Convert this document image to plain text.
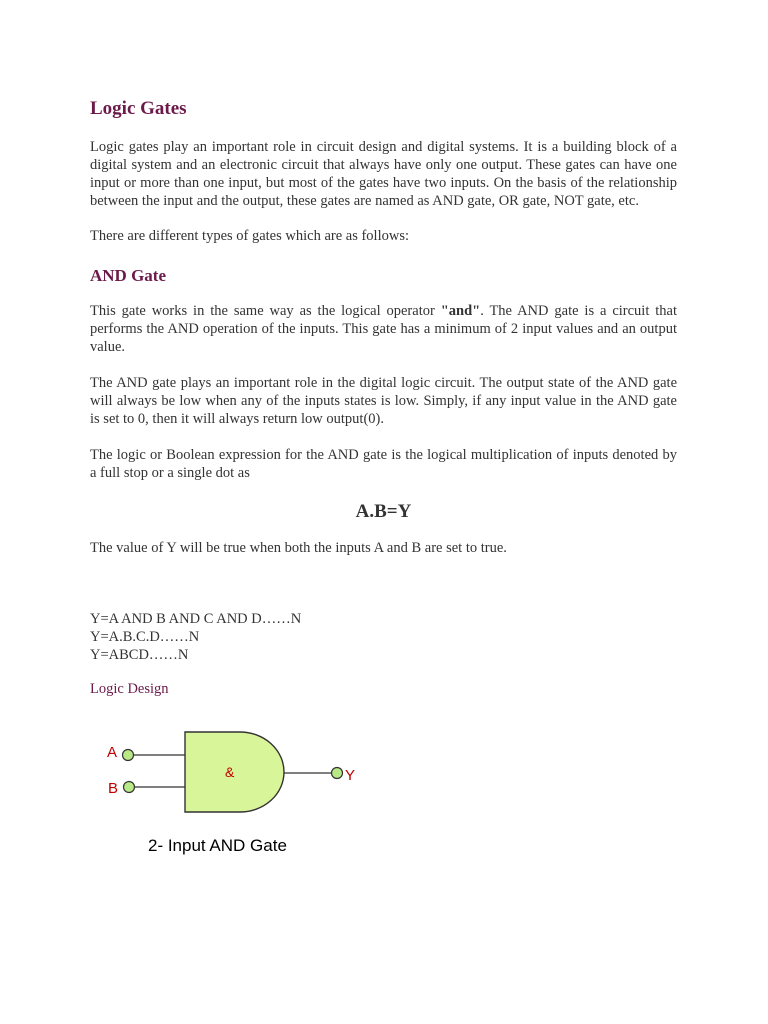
Logic Gates

Logic gates play an important role in circuit design and digital systems. It is a building block of a digital system and an electronic circuit that always have only one output. These gates can have one input or more than one input, but most of the gates have two inputs. On the basis of the relationship between the input and the output, these gates are named as AND gate, OR gate, NOT gate, etc.

There are different types of gates which are as follows:

AND Gate

This gate works in the same way as the logical operator "and". The AND gate is a circuit that performs the AND operation of the inputs. This gate has a minimum of 2 input values and an output value.

The AND gate plays an important role in the digital logic circuit. The output state of the AND gate will always be low when any of the inputs states is low. Simply, if any input value in the AND gate is set to 0, then it will always return low output(0).

The logic or Boolean expression for the AND gate is the logical multiplication of inputs denoted by a full stop or a single dot as

A.B=Y

The value of Y will be true when both the inputs A and B are set to true.

Y=A AND B AND C AND D……N
Y=A.B.C.D……N
Y=ABCD……N
Logic Design
A
B
Y
&
2- Input AND Gate
